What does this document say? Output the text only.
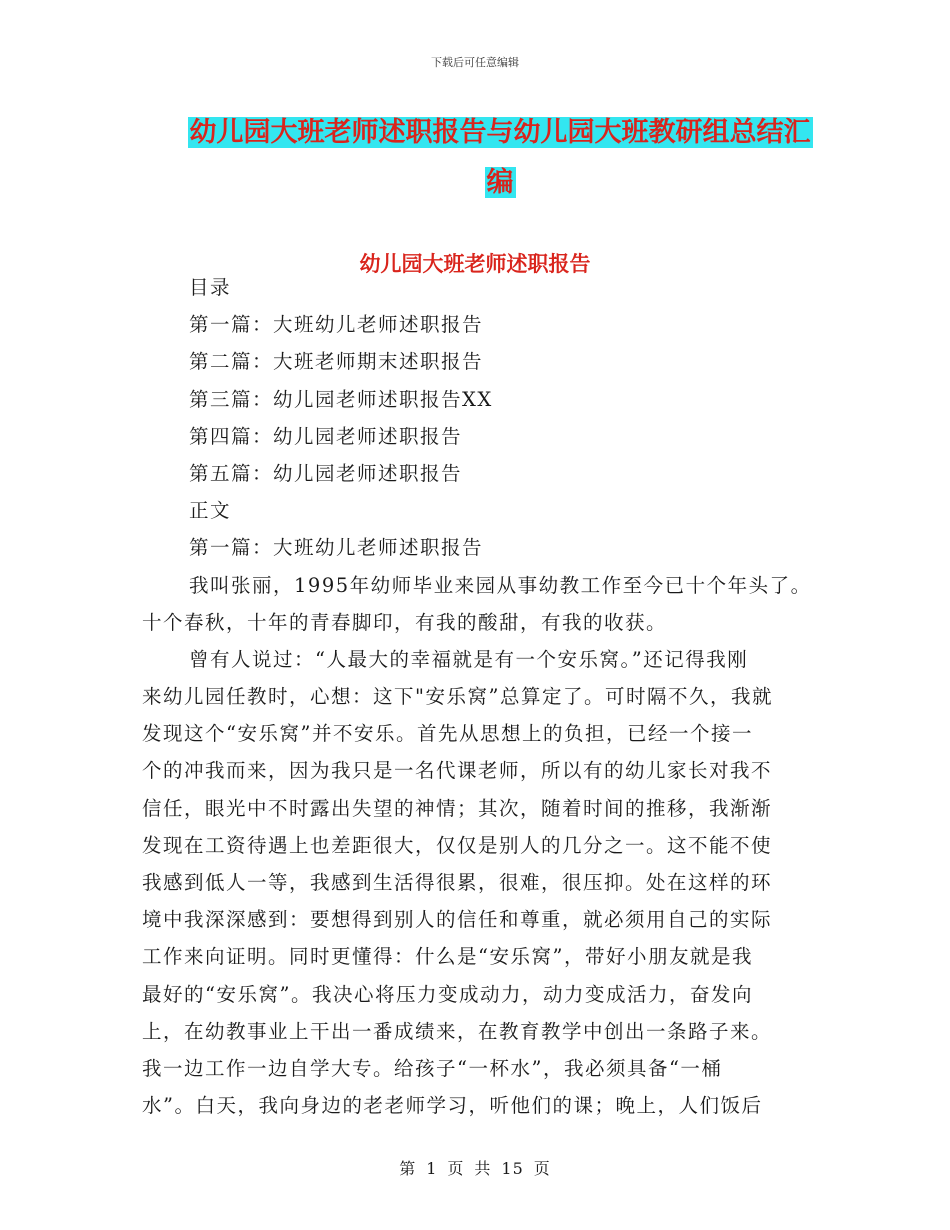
下载后可任意编辑
幼儿园大班老师述职报告与幼儿园大班教研组总结汇
编
幼儿园大班老师述职报告
目录
第一篇：大班幼儿老师述职报告
第二篇：大班老师期末述职报告
第三篇：幼儿园老师述职报告XX
第四篇：幼儿园老师述职报告
第五篇：幼儿园老师述职报告
正文
第一篇：大班幼儿老师述职报告
我叫张丽，1995年幼师毕业来园从事幼教工作至今已十个年头了。
十个春秋，十年的青春脚印，有我的酸甜，有我的收获。
曾有人说过：“人最大的幸福就是有一个安乐窝。”还记得我刚
来幼儿园任教时，心想：这下"安乐窝”总算定了。可时隔不久，我就
发现这个“安乐窝”并不安乐。首先从思想上的负担，已经一个接一
个的冲我而来，因为我只是一名代课老师，所以有的幼儿家长对我不
信任，眼光中不时露出失望的神情；其次，随着时间的推移，我渐渐
发现在工资待遇上也差距很大，仅仅是别人的几分之一。这不能不使
我感到低人一等，我感到生活得很累，很难，很压抑。处在这样的环
境中我深深感到：要想得到别人的信任和尊重，就必须用自己的实际
工作来向证明。同时更懂得：什么是“安乐窝”，带好小朋友就是我
最好的“安乐窝”。我决心将压力变成动力，动力变成活力，奋发向
上，在幼教事业上干出一番成绩来，在教育教学中创出一条路子来。
我一边工作一边自学大专。给孩子“一杯水”，我必须具备“一桶
水”。白天，我向身边的老老师学习，听他们的课；晚上，人们饭后
第 1 页 共 15 页
